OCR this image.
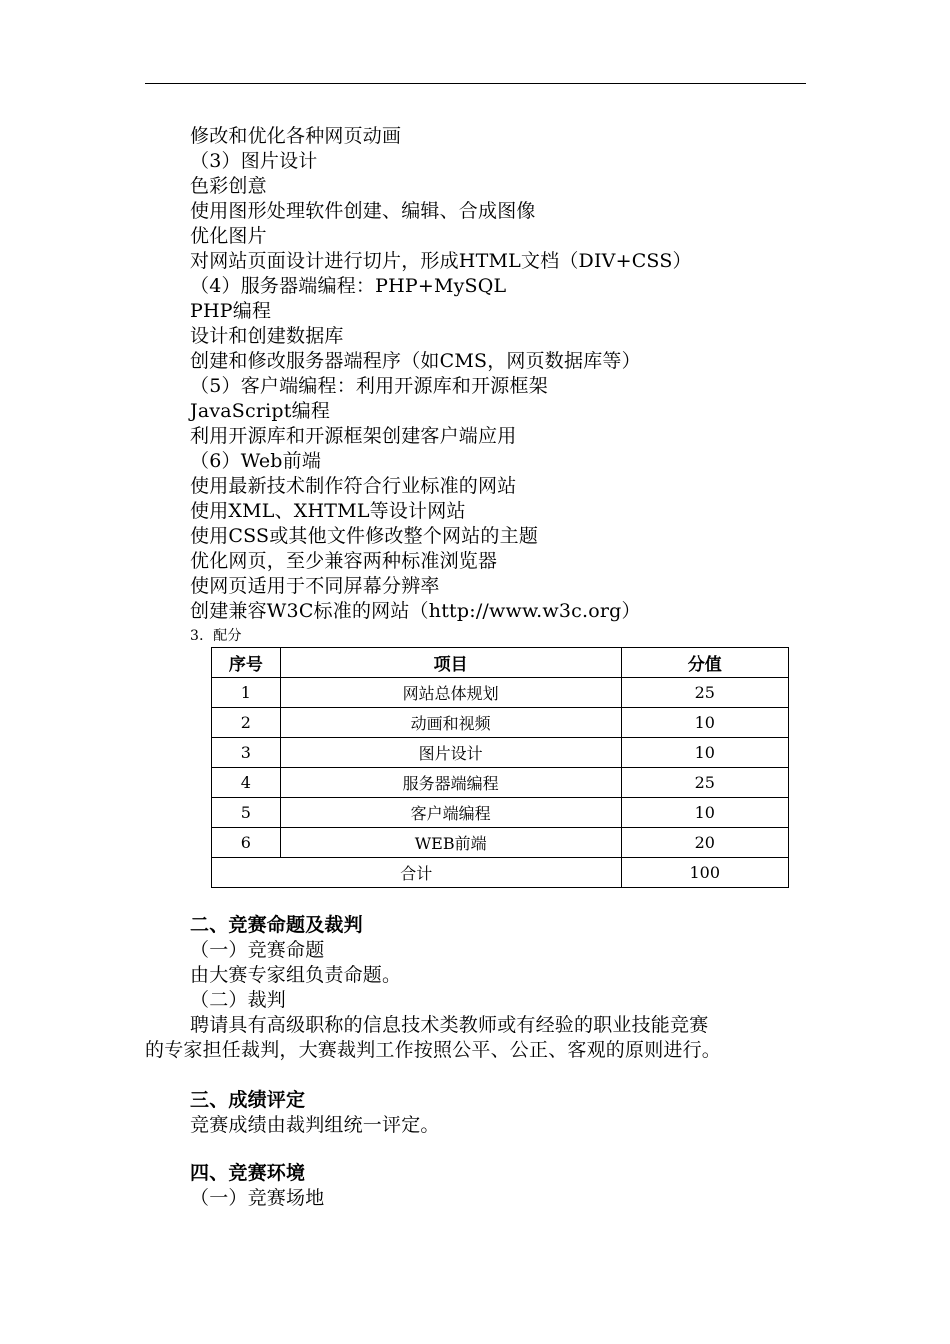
修改和优化各种网页动画
（3）图片设计
色彩创意
使用图形处理软件创建、编辑、合成图像
优化图片
对网站页面设计进行切片，形成HTML文档（DIV+CSS）
（4）服务器端编程：PHP+MySQL
PHP编程
设计和创建数据库
创建和修改服务器端程序（如CMS，网页数据库等）
（5）客户端编程：利用开源库和开源框架
JavaScript编程
利用开源库和开源框架创建客户端应用
（6）Web前端
使用最新技术制作符合行业标准的网站
使用XML、XHTML等设计网站
使用CSS或其他文件修改整个网站的主题
优化网页，至少兼容两种标准浏览器
使网页适用于不同屏幕分辨率
创建兼容W3C标准的网站（http://www.w3c.org）
3．配分
序号	项目	分值
1	网站总体规划	25
2	动画和视频	10
3	图片设计	10
4	服务器端编程	25
5	客户端编程	10
6	WEB前端	20
合计		100
二、竞赛命题及裁判
（一）竞赛命题
由大赛专家组负责命题。
（二）裁判
聘请具有高级职称的信息技术类教师或有经验的职业技能竞赛
的专家担任裁判，大赛裁判工作按照公平、公正、客观的原则进行。
三、成绩评定
竞赛成绩由裁判组统一评定。
四、竞赛环境
（一）竞赛场地
